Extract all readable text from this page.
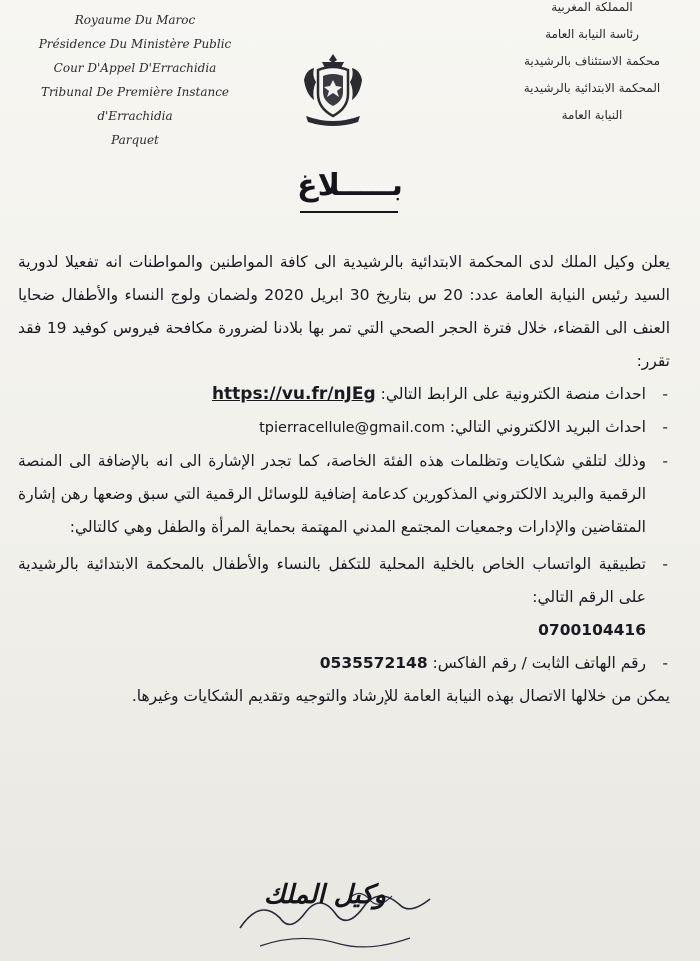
Royaume Du Maroc
Présidence Du Ministère Public
Cour D'Appel D'Errachidia
Tribunal De Première Instance
d'Errachidia
Parquet
المملكة المغربية
رئاسة النيابة العامة
محكمة الاستئناف بالرشيدية
المحكمة الابتدائية بالرشيدية
النيابة العامة
بـــــلاغ

يعلن وكيل الملك لدى المحكمة الابتدائية بالرشيدية الى كافة المواطنين والمواطنات انه تفعيلا لدورية السيد رئيس النيابة العامة عدد: 20 س بتاريخ 30 ابريل 2020 ولضمان ولوج النساء والأطفال ضحايا العنف الى القضاء، خلال فترة الحجر الصحي التي تمر بها بلادنا لضرورة مكافحة فيروس كوفيد 19 فقد تقرر:

-
احداث منصة الكترونية على الرابط التالي: https://vu.fr/nJEg

-
احداث البريد الالكتروني التالي: tpierracellule@gmail.com

-
وذلك لتلقي شكايات وتظلمات هذه الفئة الخاصة، كما تجدر الإشارة الى انه بالإضافة الى المنصة الرقمية والبريد الالكتروني المذكورين كدعامة إضافية للوسائل الرقمية التي سبق وضعها رهن إشارة المتقاضين والإدارات وجمعيات المجتمع المدني المهتمة بحماية المرأة والطفل وهي كالتالي:

-
تطبيقية الواتساب الخاص بالخلية المحلية للتكفل بالنساء والأطفال بالمحكمة الابتدائية بالرشيدية على الرقم التالي:

0700104416

-
رقم الهاتف الثابت / رقم الفاكس: 0535572148

يمكن من خلالها الاتصال بهذه النيابة العامة للإرشاد والتوجيه وتقديم الشكايات وغيرها.

وكيل الملك
